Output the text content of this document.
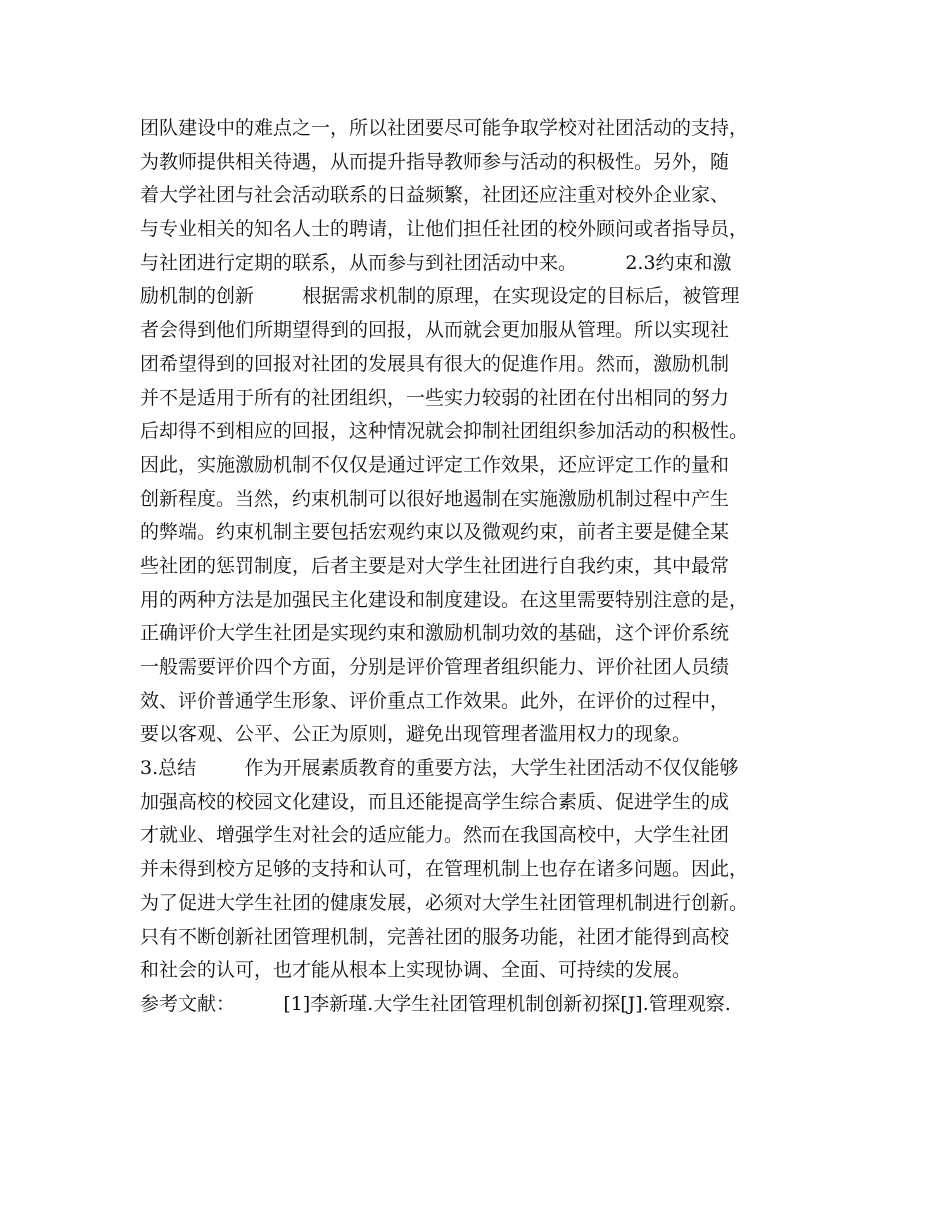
团队建设中的难点之一，所以社团要尽可能争取学校对社团活动的支持，
为教师提供相关待遇，从而提升指导教师参与活动的积极性。另外，随
着大学社团与社会活动联系的日益频繁，社团还应注重对校外企业家、
与专业相关的知名人士的聘请，让他们担任社团的校外顾问或者指导员，
与社团进行定期的联系，从而参与到社团活动中来。        2.3约束和激
励机制的创新        根据需求机制的原理，在实现设定的目标后，被管理
者会得到他们所期望得到的回报，从而就会更加服从管理。所以实现社
团希望得到的回报对社团的发展具有很大的促進作用。然而，激励机制
并不是适用于所有的社团组织，一些实力较弱的社团在付出相同的努力
后却得不到相应的回报，这种情况就会抑制社团组织参加活动的积极性。
因此，实施激励机制不仅仅是通过评定工作效果，还应评定工作的量和
创新程度。当然，约束机制可以很好地遏制在实施激励机制过程中产生
的弊端。约束机制主要包括宏观约束以及微观约束，前者主要是健全某
些社团的惩罚制度，后者主要是对大学生社团进行自我约束，其中最常
用的两种方法是加强民主化建设和制度建设。在这里需要特别注意的是，
正确评价大学生社团是实现约束和激励机制功效的基础，这个评价系统
一般需要评价四个方面，分别是评价管理者组织能力、评价社团人员绩
效、评价普通学生形象、评价重点工作效果。此外，在评价的过程中，
要以客观、公平、公正为原则，避免出现管理者滥用权力的现象。
3.总结        作为开展素质教育的重要方法，大学生社团活动不仅仅能够
加强高校的校园文化建设，而且还能提高学生综合素质、促进学生的成
才就业、增强学生对社会的适应能力。然而在我国高校中，大学生社团
并未得到校方足够的支持和认可，在管理机制上也存在诸多问题。因此，
为了促进大学生社团的健康发展，必须对大学生社团管理机制进行创新。
只有不断创新社团管理机制，完善社团的服务功能，社团才能得到高校
和社会的认可，也才能从根本上实现协调、全面、可持续的发展。
参考文献：        [1]李新瑾.大学生社团管理机制创新初探[J].管理观察.
